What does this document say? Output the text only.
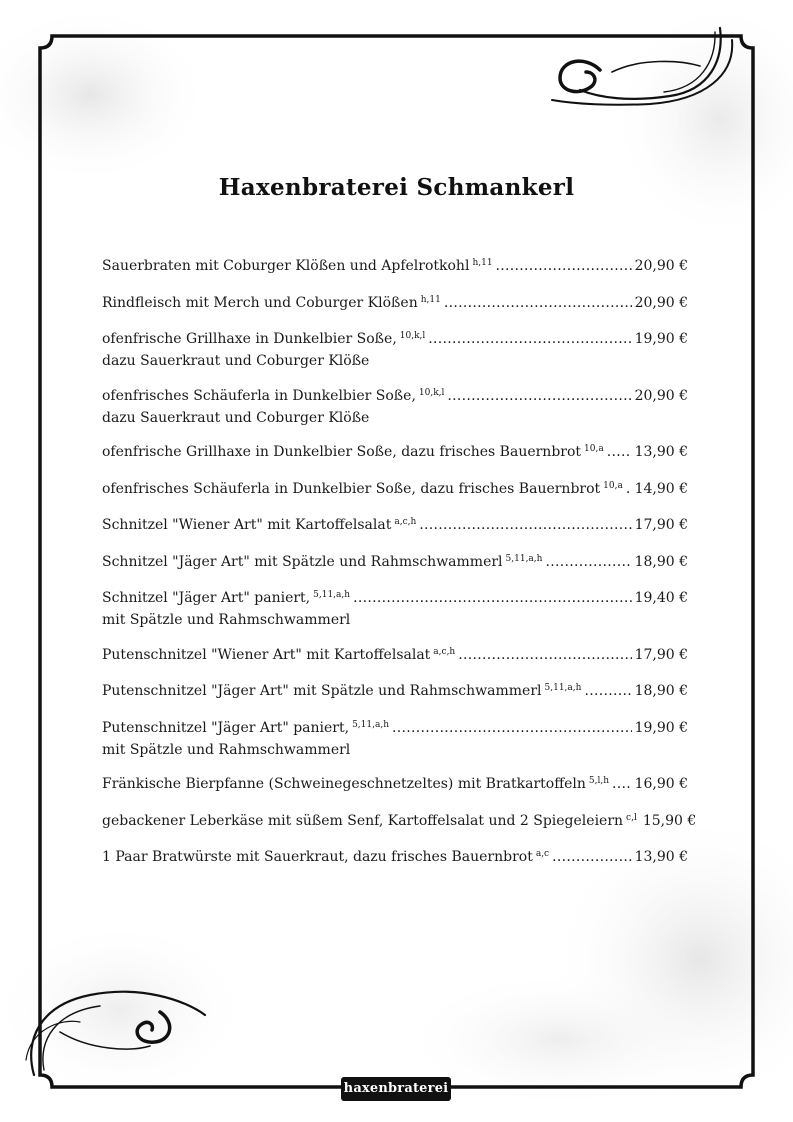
Haxenbraterei Schmankerl
Sauerbraten mit Coburger Klößen und Apfelrotkohl h,11 .....	20,90 €
Rindfleisch mit Merch und Coburger Klößen h,11 .....	20,90 €
ofenfrische Grillhaxe in Dunkelbier Soße, 10,k,l .....	19,90 €
dazu Sauerkraut und Coburger Klöße
ofenfrisches Schäuferla in Dunkelbier Soße, 10,k,l .....	20,90 €
dazu Sauerkraut und Coburger Klöße
ofenfrische Grillhaxe in Dunkelbier Soße, dazu frisches Bauernbrot 10,a ..... 13,90 €
ofenfrisches Schäuferla in Dunkelbier Soße, dazu frisches Bauernbrot 10,a ..... 14,90 €
Schnitzel "Wiener Art" mit Kartoffelsalat a,c,h .....	17,90 €
Schnitzel "Jäger Art" mit Spätzle und Rahmschwammerl 5,11,a,h .....	18,90 €
Schnitzel "Jäger Art" paniert, 5,11,a,h .....	19,40 €
mit Spätzle und Rahmschwammerl
Putenschnitzel "Wiener Art" mit Kartoffelsalat a,c,h .....	17,90 €
Putenschnitzel "Jäger Art" mit Spätzle und Rahmschwammerl 5,11,a,h .....	18,90 €
Putenschnitzel "Jäger Art" paniert, 5,11,a,h .....	19,90 €
mit Spätzle und Rahmschwammerl
Fränkische Bierpfanne (Schweinegeschnetzeltes) mit Bratkartoffeln 5,l,h ..... 16,90 €
gebackener Leberkäse mit süßem Senf, Kartoffelsalat und 2 Spiegeleiern c,l 15,90 €
1 Paar Bratwürste mit Sauerkraut, dazu frisches Bauernbrot a,c .....	13,90 €
haxenbraterei
